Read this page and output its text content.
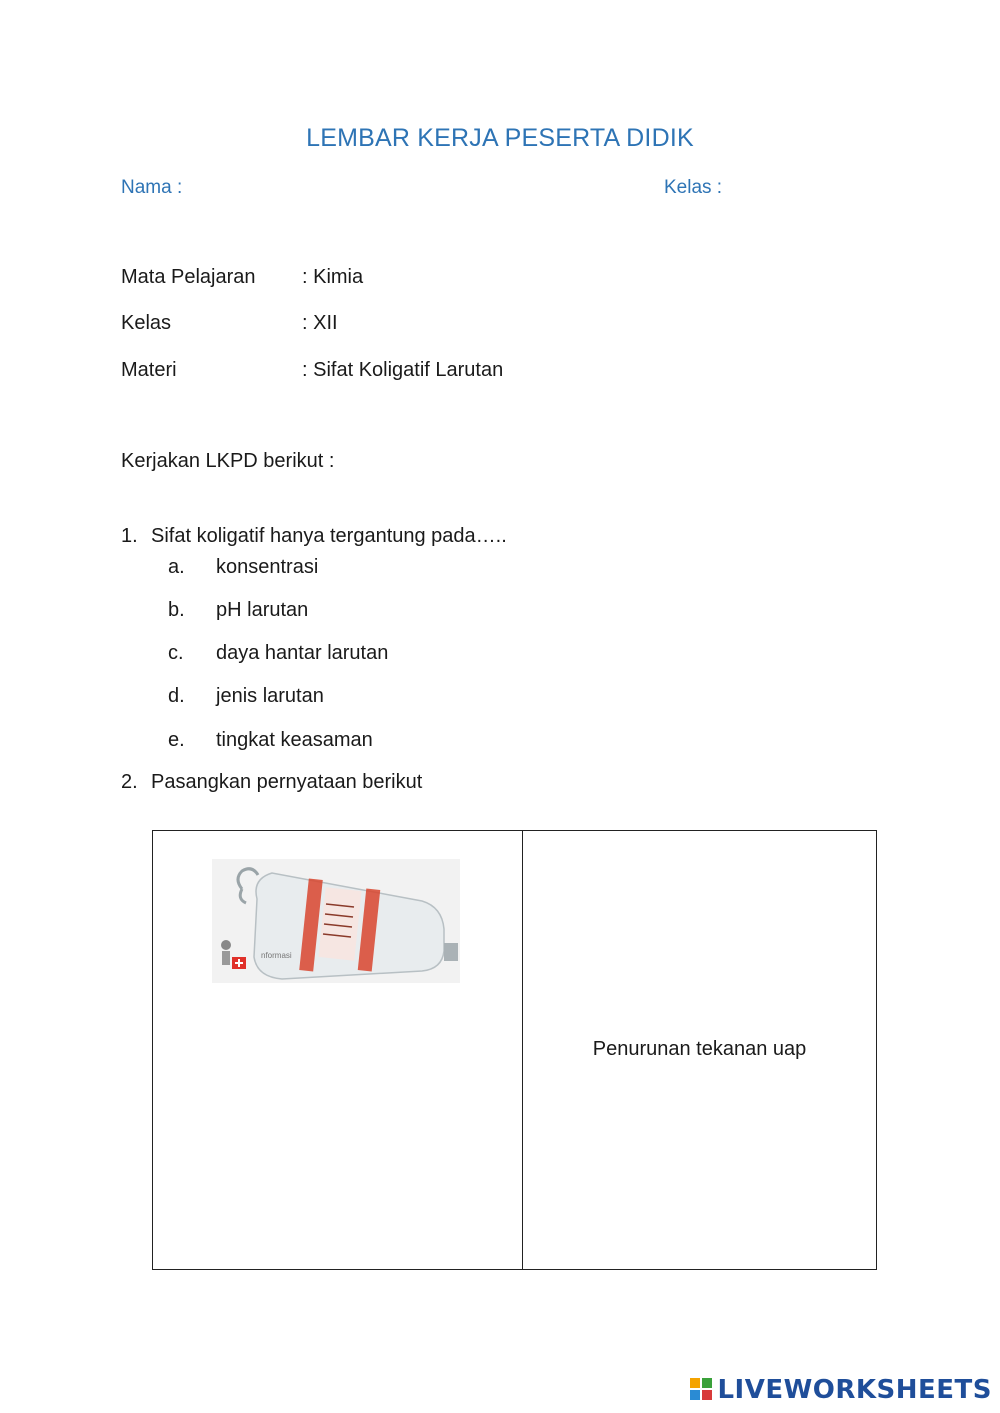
LEMBAR KERJA PESERTA DIDIK
Nama :	Kelas :
Mata Pelajaran : Kimia
Kelas	: XII
Materi	: Sifat Koligatif Larutan
Kerjakan LKPD berikut :
1. Sifat koligatif hanya tergantung pada…..
a. konsentrasi
b. pH larutan
c. daya hantar larutan
d. jenis larutan
e. tingkat keasaman
2. Pasangkan pernyataan berikut
nformasi
Penurunan tekanan uap
LIVEWORKSHEETS
